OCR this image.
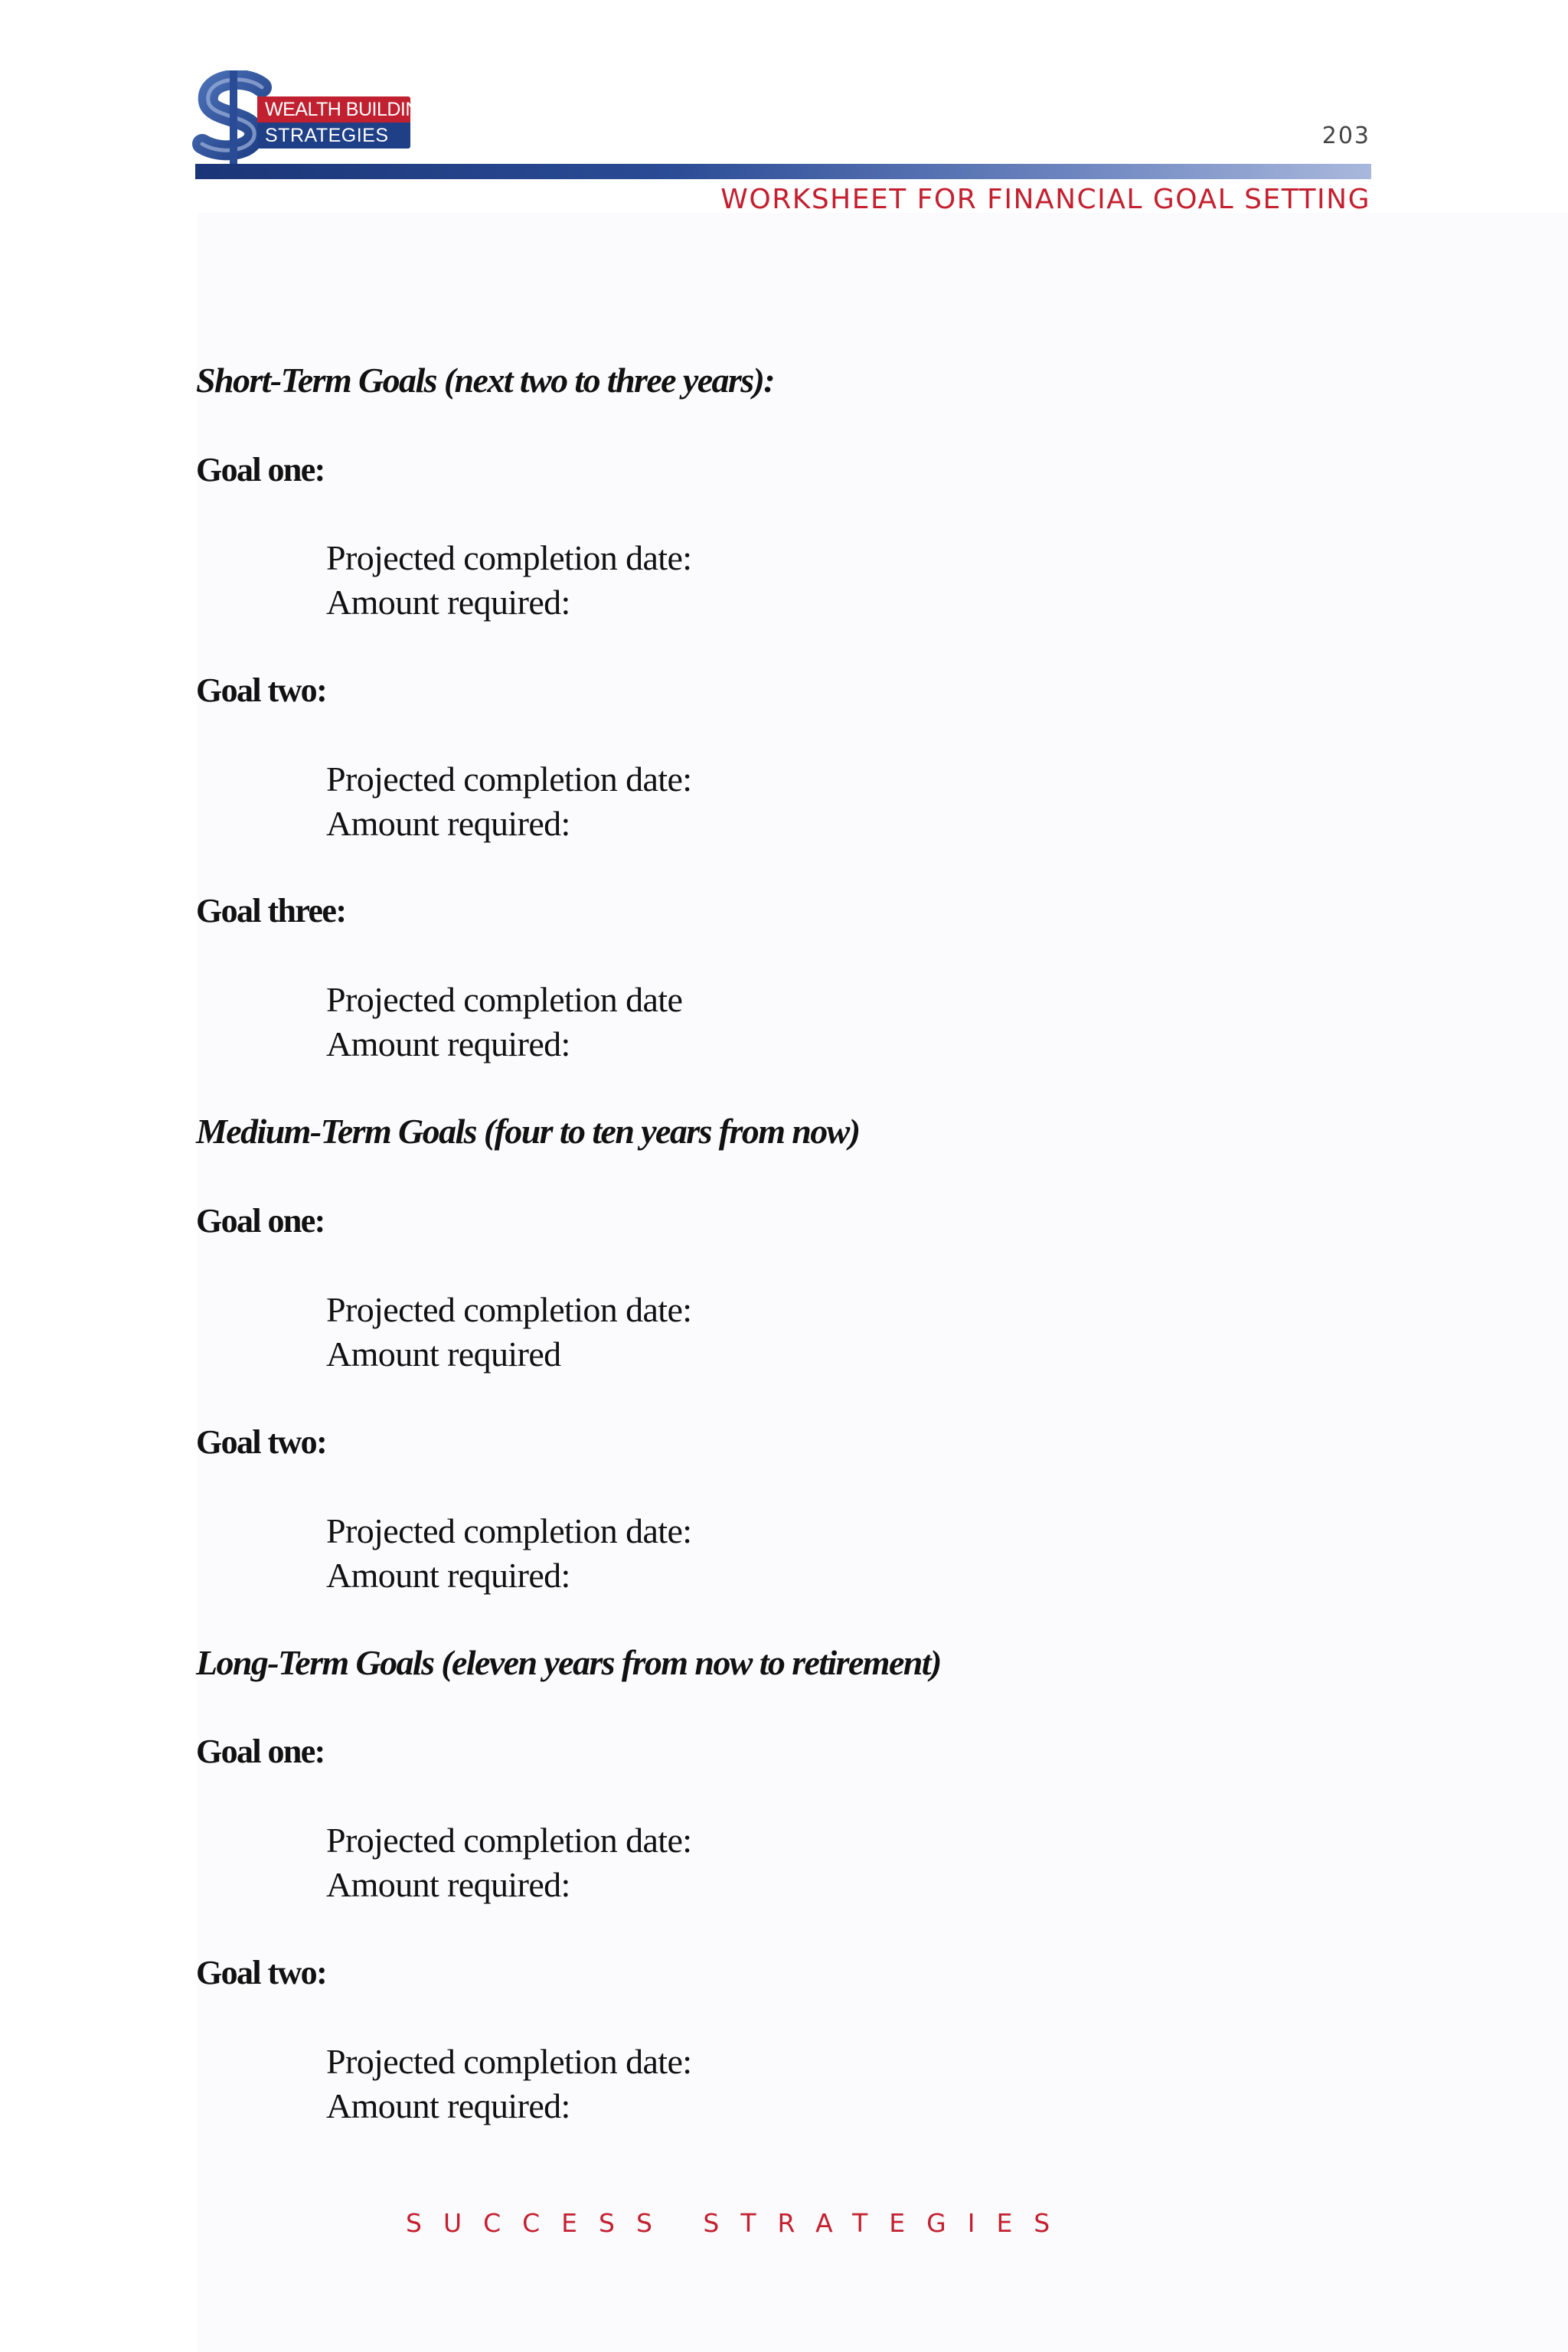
WEALTH BUILDING
STRATEGIES	203
WORKSHEET FOR FINANCIAL GOAL SETTING
Short-Term Goals (next two to three years):
Goal one:
Projected completion date:
Amount required:
Goal two:
Projected completion date:
Amount required:
Goal three:
Projected completion date
Amount required:
Medium-Term Goals (four to ten years from now)
Goal one:
Projected completion date:
Amount required
Goal two:
Projected completion date:
Amount required:
Long-Term Goals (eleven years from now to retirement)
Goal one:
Projected completion date:
Amount required:
Goal two:
Projected completion date:
Amount required:
SUCCESS STRATEGIES
